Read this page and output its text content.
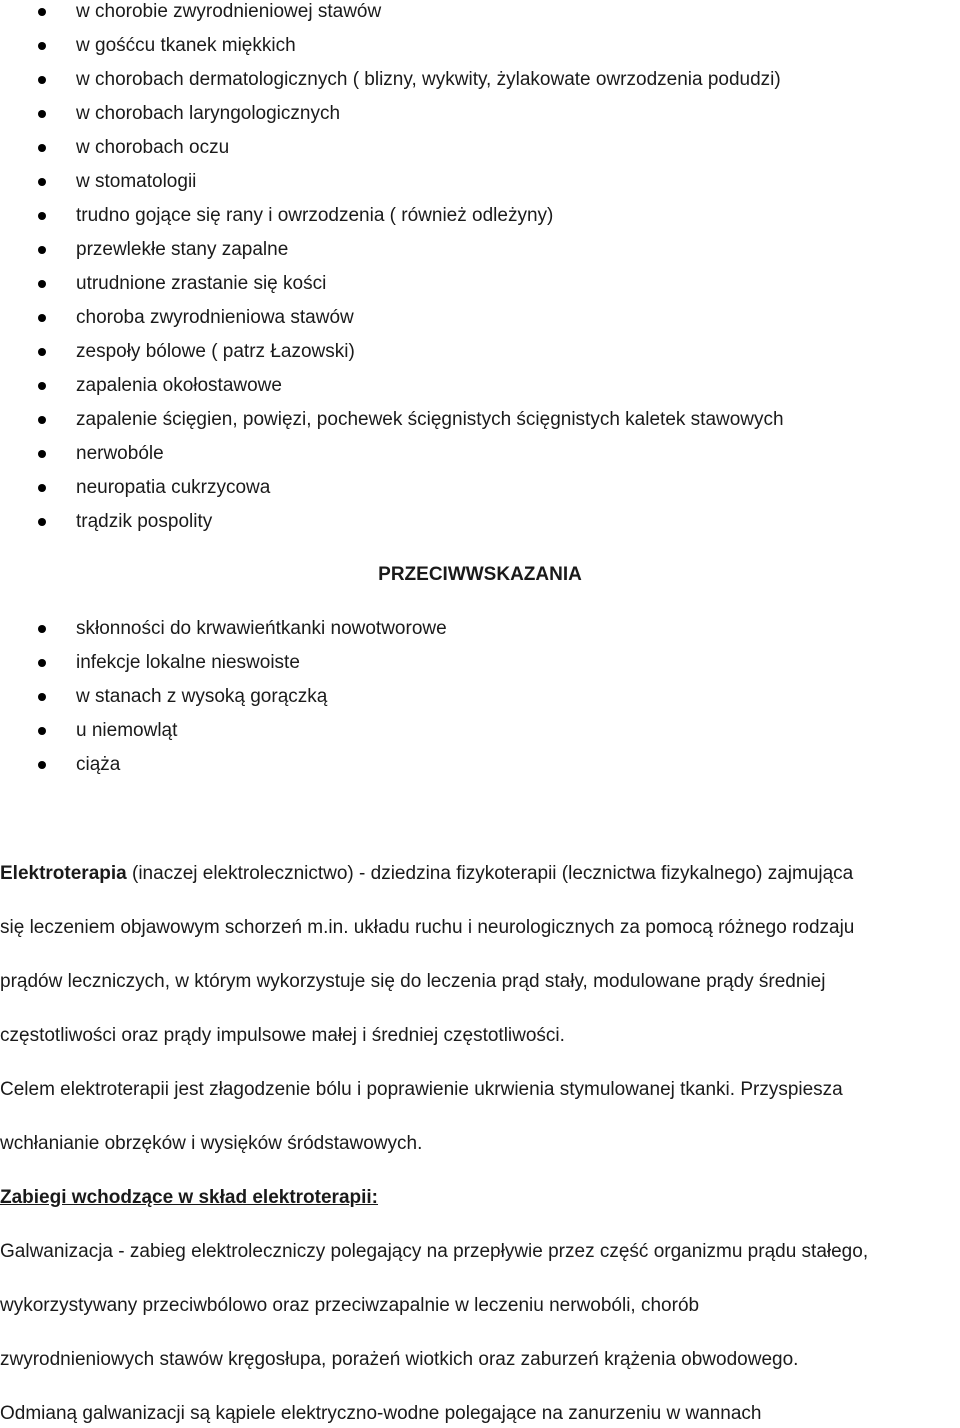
w chorobie zwyrodnieniowej stawów
w gośćcu tkanek miękkich
w chorobach dermatologicznych ( blizny, wykwity, żylakowate owrzodzenia podudzi)
w chorobach laryngologicznych
w chorobach oczu
w stomatologii
trudno gojące się rany i owrzodzenia ( również odleżyny)
przewlekłe stany zapalne
utrudnione zrastanie się kości
choroba zwyrodnieniowa stawów
zespoły bólowe ( patrz Łazowski)
zapalenia okołostawowe
zapalenie ścięgien, powięzi, pochewek ścięgnistych ścięgnistych kaletek stawowych
nerwobóle
neuropatia cukrzycowa
trądzik pospolity
PRZECIWWSKAZANIA
skłonności do krwawieńtkanki nowotworowe
infekcje lokalne nieswoiste
w stanach z wysoką gorączką
u niemowląt
ciąża
Elektroterapia (inaczej elektrolecznictwo) - dziedzina fizykoterapii (lecznictwa fizykalnego) zajmująca
się leczeniem objawowym schorzeń m.in. układu ruchu i neurologicznych za pomocą różnego rodzaju
prądów leczniczych, w którym wykorzystuje się do leczenia prąd stały, modulowane prądy średniej
częstotliwości oraz prądy impulsowe małej i średniej częstotliwości.
Celem elektroterapii jest złagodzenie bólu i poprawienie ukrwienia stymulowanej tkanki. Przyspiesza
wchłanianie obrzęków i wysięków śródstawowych.
Zabiegi wchodzące w skład elektroterapii:
Galwanizacja - zabieg elektroleczniczy polegający na przepływie przez część organizmu prądu stałego,
wykorzystywany przeciwbólowo oraz przeciwzapalnie w leczeniu nerwobóli, chorób
zwyrodnieniowych stawów kręgosłupa, porażeń wiotkich oraz zaburzeń krążenia obwodowego.
Odmianą galwanizacji są kąpiele elektryczno-wodne polegające na zanurzeniu w wannach
